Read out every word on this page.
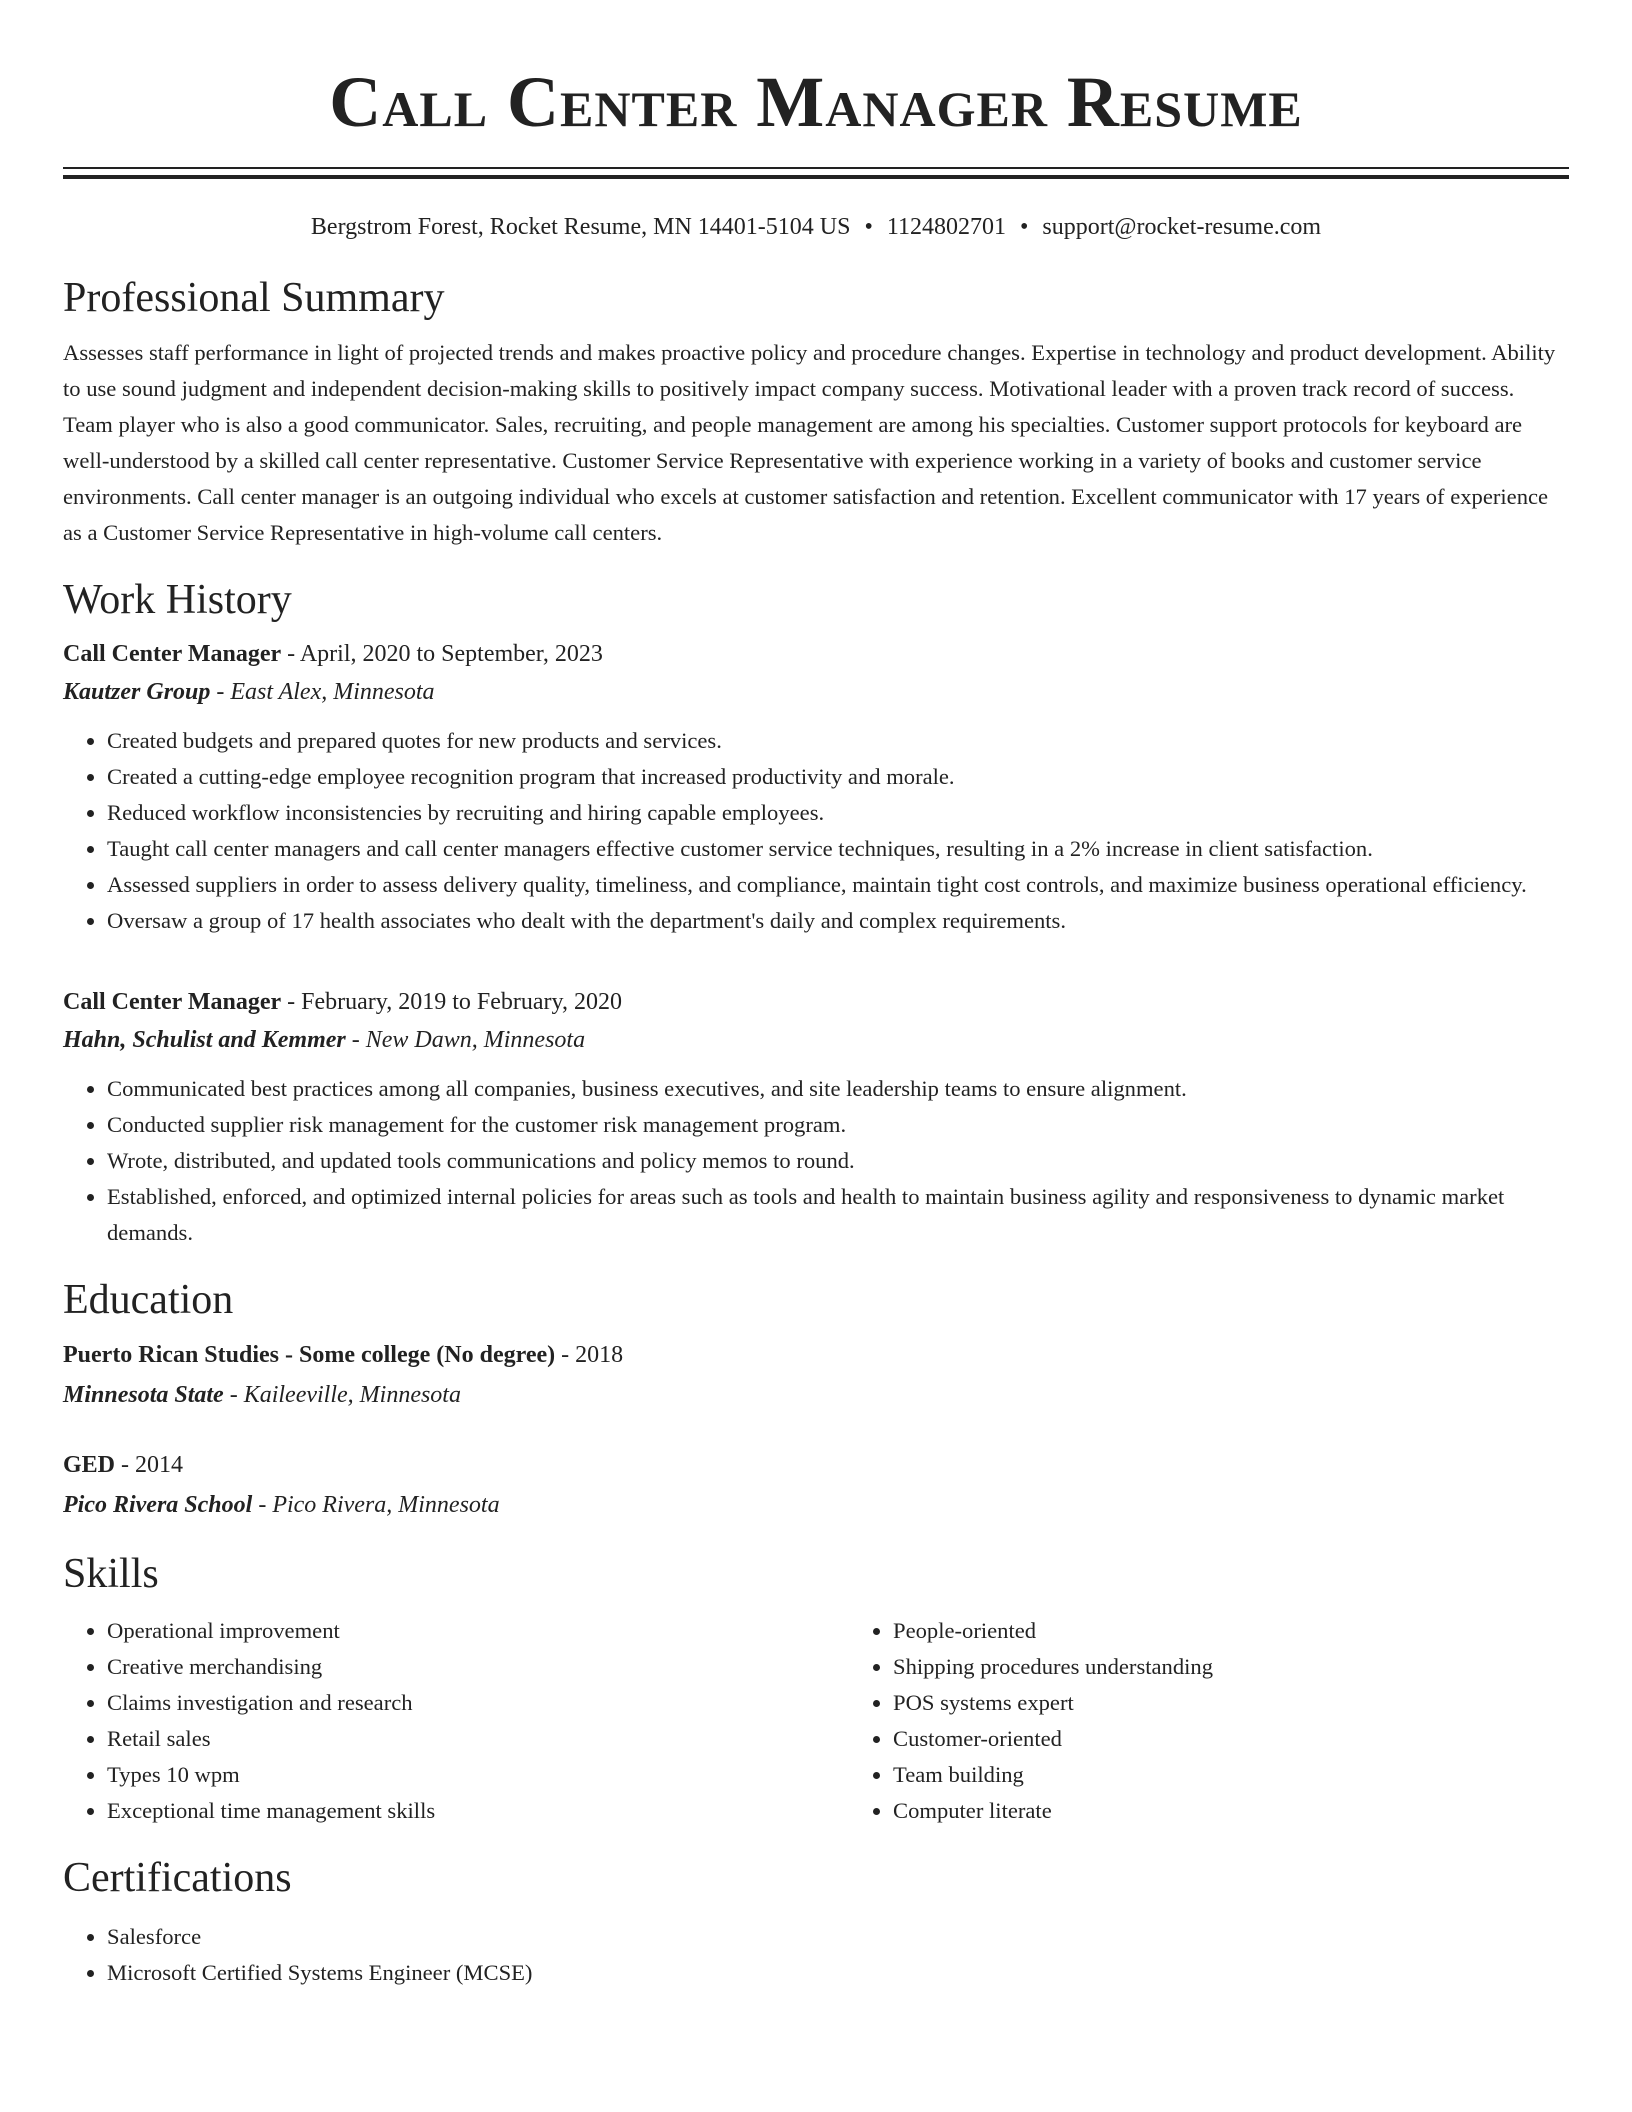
Call Center Manager Resume
Bergstrom Forest, Rocket Resume, MN 14401-5104 US • 1124802701 • support@rocket-resume.com
Professional Summary

Assesses staff performance in light of projected trends and makes proactive policy and procedure changes. Expertise in technology and product development. Ability to use sound judgment and independent decision-making skills to positively impact company success. Motivational leader with a proven track record of success. Team player who is also a good communicator. Sales, recruiting, and people management are among his specialties. Customer support protocols for keyboard are well-understood by a skilled call center representative. Customer Service Representative with experience working in a variety of books and customer service environments. Call center manager is an outgoing individual who excels at customer satisfaction and retention. Excellent communicator with 17 years of experience as a Customer Service Representative in high-volume call centers.

Work History
Call Center Manager - April, 2020 to September, 2023
Kautzer Group - East Alex, Minnesota
• Created budgets and prepared quotes for new products and services.
• Created a cutting-edge employee recognition program that increased productivity and morale.
• Reduced workflow inconsistencies by recruiting and hiring capable employees.
• Taught call center managers and call center managers effective customer service techniques, resulting in a 2% increase in client satisfaction.
• Assessed suppliers in order to assess delivery quality, timeliness, and compliance, maintain tight cost controls, and maximize business operational efficiency.
• Oversaw a group of 17 health associates who dealt with the department's daily and complex requirements.
Call Center Manager - February, 2019 to February, 2020
Hahn, Schulist and Kemmer - New Dawn, Minnesota
• Communicated best practices among all companies, business executives, and site leadership teams to ensure alignment.
• Conducted supplier risk management for the customer risk management program.
• Wrote, distributed, and updated tools communications and policy memos to round.
• Established, enforced, and optimized internal policies for areas such as tools and health to maintain business agility and responsiveness to dynamic market demands.
Education
Puerto Rican Studies - Some college (No degree) - 2018
Minnesota State - Kaileeville, Minnesota
GED - 2014
Pico Rivera School - Pico Rivera, Minnesota
Skills
• Operational improvement
• Creative merchandising
• Claims investigation and research
• Retail sales
• Types 10 wpm
• Exceptional time management skills
• People-oriented
• Shipping procedures understanding
• POS systems expert
• Customer-oriented
• Team building
• Computer literate
Certifications
• Salesforce
• Microsoft Certified Systems Engineer (MCSE)
